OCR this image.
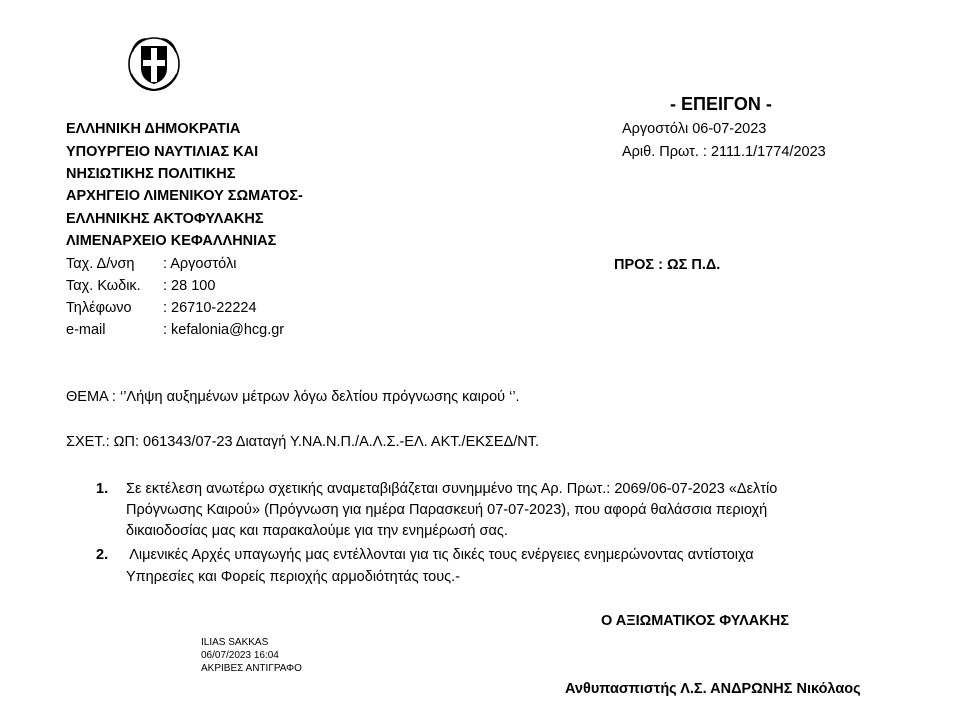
ΕΛΛΗΝΙΚΗ ΔΗΜΟΚΡΑΤΙΑ
ΥΠΟΥΡΓΕΙΟ ΝΑΥΤΙΛΙΑΣ ΚΑΙ
ΝΗΣΙΩΤΙΚΗΣ ΠΟΛΙΤΙΚΗΣ
ΑΡΧΗΓΕΙΟ ΛΙΜΕΝΙΚΟΥ ΣΩΜΑΤΟΣ-
ΕΛΛΗΝΙΚΗΣ ΑΚΤΟΦΥΛΑΚΗΣ
ΛΙΜΕΝΑΡΧΕΙΟ ΚΕΦΑΛΛΗΝΙΑΣ
Ταχ. Δ/νση : Αργοστόλι
Ταχ. Κωδικ. : 28 100
Τηλέφωνο : 26710-22224
e-mail	: kefalonia@hcg.gr
- ΕΠΕΙΓΟΝ -
Αργοστόλι 06-07-2023
Αριθ. Πρωτ. : 2111.1/1774/2023
ΠΡΟΣ : ΩΣ Π.Δ.
ΘΕΜΑ : ‘’Λήψη αυξημένων μέτρων λόγω δελτίου πρόγνωσης καιρού ‘’.
ΣΧΕΤ.: ΩΠ: 061343/07-23 Διαταγή Υ.ΝΑ.Ν.Π./Α.Λ.Σ.-ΕΛ. ΑΚΤ./ΕΚΣΕΔ/ΝΤ.
1. Σε εκτέλεση ανωτέρω σχετικής αναμεταβιβάζεται συνημμένο της Αρ. Πρωτ.: 2069/06-07-2023 «Δελτίο
Πρόγνωσης Καιρού» (Πρόγνωση για ημέρα Παρασκευή 07-07-2023), που αφορά θαλάσσια περιοχή
δικαιοδοσίας μας και παρακαλούμε για την ενημέρωσή σας.
2. Λιμενικές Αρχές υπαγωγής μας εντέλλονται για τις δικές τους ενέργειες ενημερώνοντας αντίστοιχα
Υπηρεσίες και Φορείς περιοχής αρμοδιότητάς τους.-
Ο ΑΞΙΩΜΑΤΙΚΟΣ ΦΥΛΑΚΗΣ
ILIAS SAKKAS
06/07/2023 16:04
ΑΚΡΙΒΕΣ ΑΝΤΙΓΡΑΦΟ
Ανθυπασπιστής Λ.Σ. ΑΝΔΡΩΝΗΣ Νικόλαος
